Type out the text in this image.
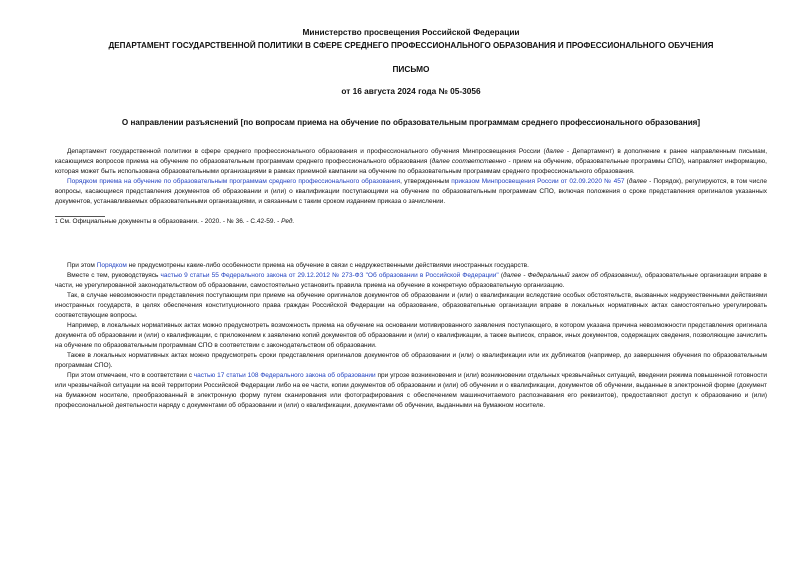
Министерство просвещения Российской Федерации
ДЕПАРТАМЕНТ ГОСУДАРСТВЕННОЙ ПОЛИТИКИ В СФЕРЕ СРЕДНЕГО ПРОФЕССИОНАЛЬНОГО ОБРАЗОВАНИЯ И ПРОФЕССИОНАЛЬНОГО ОБУЧЕНИЯ
ПИСЬМО
от 16 августа 2024 года № 05-3056
О направлении разъяснений [по вопросам приема на обучение по образовательным программам среднего профессионального образования]

Департамент государственной политики в сфере среднего профессионального образования и профессионального обучения Минпросвещения России (далее - Департамент) в дополнение к ранее направленным письмам, касающимся вопросов приема на обучение по образовательным программам среднего профессионального образования (далее соответственно - прием на обучение, образовательные программы СПО), направляет информацию, которая может быть использована образовательными организациями в рамках приемной кампании на обучение по образовательным программам среднего профессионального образования.

Порядком приема на обучение по образовательным программам среднего профессионального образования, утвержденным приказом Минпросвещения России от 02.09.2020 № 457 (далее - Порядок), регулируются, в том числе вопросы, касающиеся представления документов об образовании и (или) о квалификации поступающими на обучение по образовательным программам СПО, включая положения о сроке представления оригиналов указанных документов, устанавливаемых образовательными организациями, и связанным с таким сроком изданием приказа о зачислении.

$^1$ См. Официальные документы в образовании. - 2020. - № 36. - С.42-59. - Ред.

При этом Порядком не предусмотрены какие-либо особенности приема на обучение в связи с недружественными действиями иностранных государств.

Вместе с тем, руководствуясь частью 9 статьи 55 Федерального закона от 29.12.2012 № 273-ФЗ "Об образовании в Российской Федерации" (далее - Федеральный закон об образовании), образовательные организации вправе в части, не урегулированной законодательством об образовании, самостоятельно установить правила приема на обучение в конкретную образовательную организацию.

Так, в случае невозможности представления поступающим при приеме на обучение оригиналов документов об образовании и (или) о квалификации вследствие особых обстоятельств, вызванных недружественными действиями иностранных государств, в целях обеспечения конституционного права граждан Российской Федерации на образование, образовательные организации вправе в локальных нормативных актах самостоятельно урегулировать соответствующие вопросы.

Например, в локальных нормативных актах можно предусмотреть возможность приема на обучение на основании мотивированного заявления поступающего, в котором указана причина невозможности представления оригинала документа об образовании и (или) о квалификации, с приложением к заявлению копий документов об образовании и (или) о квалификации, а также выписок, справок, иных документов, содержащих сведения, позволяющие зачислить на обучение по образовательным программам СПО в соответствии с законодательством об образовании.

Также в локальных нормативных актах можно предусмотреть сроки представления оригиналов документов об образовании и (или) о квалификации или их дубликатов (например, до завершения обучения по образовательным программам СПО).

При этом отмечаем, что в соответствии с частью 17 статьи 108 Федерального закона об образовании при угрозе возникновения и (или) возникновении отдельных чрезвычайных ситуаций, введении режима повышенной готовности или чрезвычайной ситуации на всей территории Российской Федерации либо на ее части, копии документов об образовании и (или) об обучении и о квалификации, документов об обучении, выданные в электронной форме (документ на бумажном носителе, преобразованный в электронную форму путем сканирования или фотографирования с обеспечением машиночитаемого распознавания его реквизитов), предоставляют доступ к образованию и (или) профессиональной деятельности наряду с документами об образовании и (или) о квалификации, документами об обучении, выданными на бумажном носителе.
